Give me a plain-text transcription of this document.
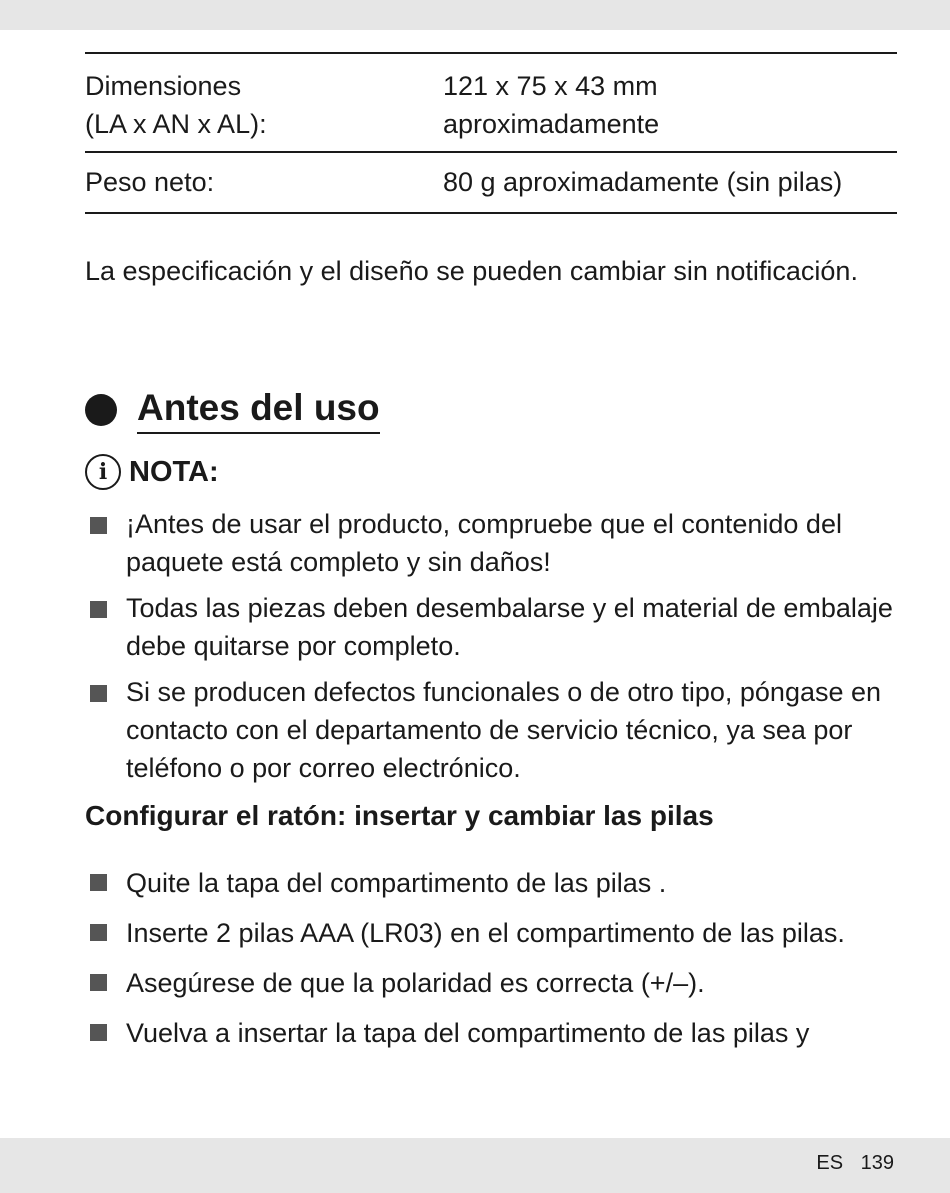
Dimensiones
(LA x AN x AL):
121 x 75 x 43 mm
aproximadamente
Peso neto:	80 g aproximadamente (sin pilas)

La especificación y el diseño se pueden cambiar sin notificación.

Antes del uso
i NOTA:
¡Antes de usar el producto, compruebe que el contenido del paquete está completo y sin daños!
Todas las piezas deben desembalarse y el material de embalaje debe quitarse por completo.
Si se producen defectos funcionales o de otro tipo, póngase en contacto con el departamento de servicio técnico, ya sea por teléfono o por correo electrónico.
Configurar el ratón: insertar y cambiar las pilas
Quite la tapa del compartimento de las pilas .
Inserte 2 pilas AAA (LR03) en el compartimento de las pilas.
Asegúrese de que la polaridad es correcta (+/–).
Vuelva a insertar la tapa del compartimento de las pilas y
ES 139
